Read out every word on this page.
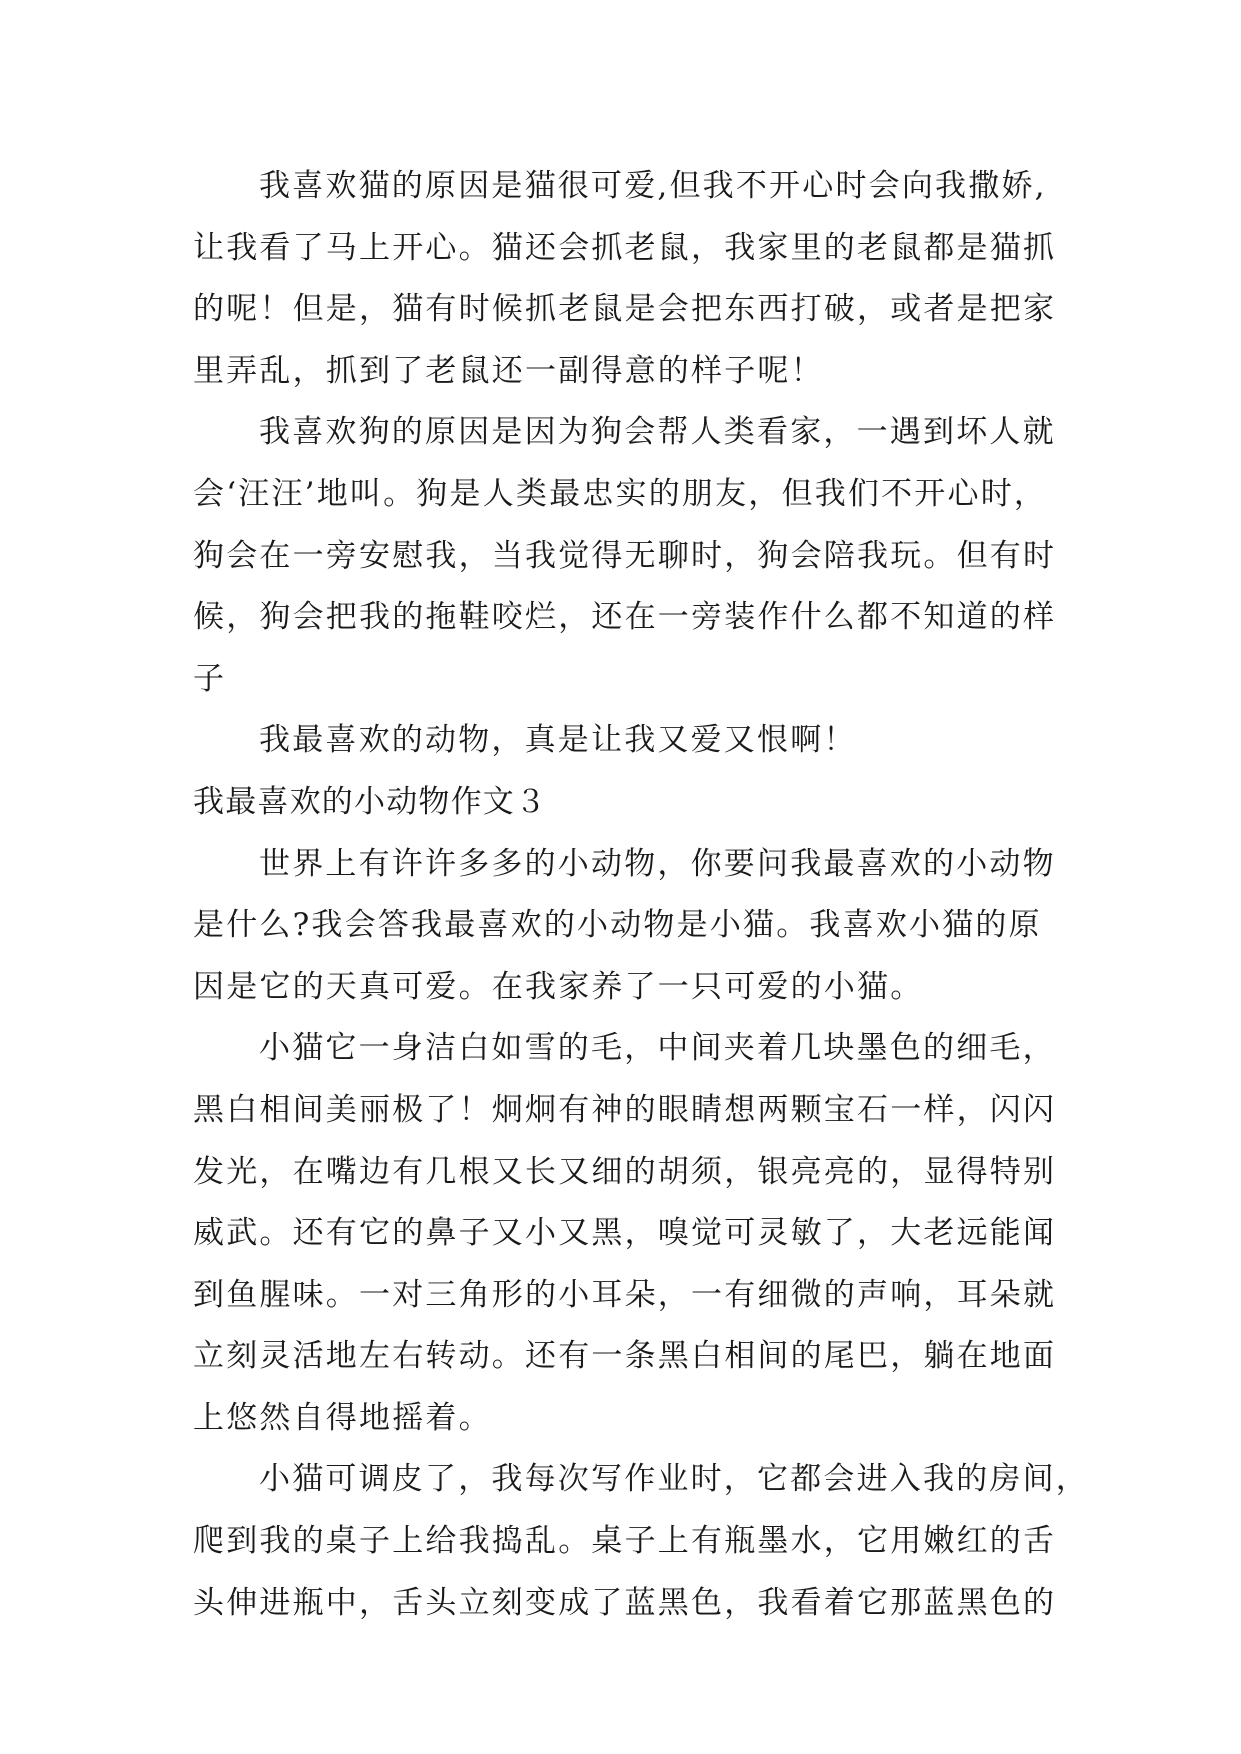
我喜欢猫的原因是猫很可爱,但我不开心时会向我撒娇,
让我看了马上开心。猫还会抓老鼠，我家里的老鼠都是猫抓
的呢！但是，猫有时候抓老鼠是会把东西打破，或者是把家
里弄乱，抓到了老鼠还一副得意的样子呢！
我喜欢狗的原因是因为狗会帮人类看家，一遇到坏人就
会‘汪汪’地叫。狗是人类最忠实的朋友，但我们不开心时，
狗会在一旁安慰我，当我觉得无聊时，狗会陪我玩。但有时
候，狗会把我的拖鞋咬烂，还在一旁装作什么都不知道的样
子
我最喜欢的动物，真是让我又爱又恨啊！
我最喜欢的小动物作文３
世界上有许许多多的小动物，你要问我最喜欢的小动物
是什么?我会答我最喜欢的小动物是小猫。我喜欢小猫的原
因是它的天真可爱。在我家养了一只可爱的小猫。
小猫它一身洁白如雪的毛，中间夹着几块墨色的细毛，
黑白相间美丽极了！炯炯有神的眼睛想两颗宝石一样，闪闪
发光，在嘴边有几根又长又细的胡须，银亮亮的，显得特别
威武。还有它的鼻子又小又黑，嗅觉可灵敏了，大老远能闻
到鱼腥味。一对三角形的小耳朵，一有细微的声响，耳朵就
立刻灵活地左右转动。还有一条黑白相间的尾巴，躺在地面
上悠然自得地摇着。
小猫可调皮了，我每次写作业时，它都会进入我的房间，
爬到我的桌子上给我捣乱。桌子上有瓶墨水，它用嫩红的舌
头伸进瓶中，舌头立刻变成了蓝黑色，我看着它那蓝黑色的
